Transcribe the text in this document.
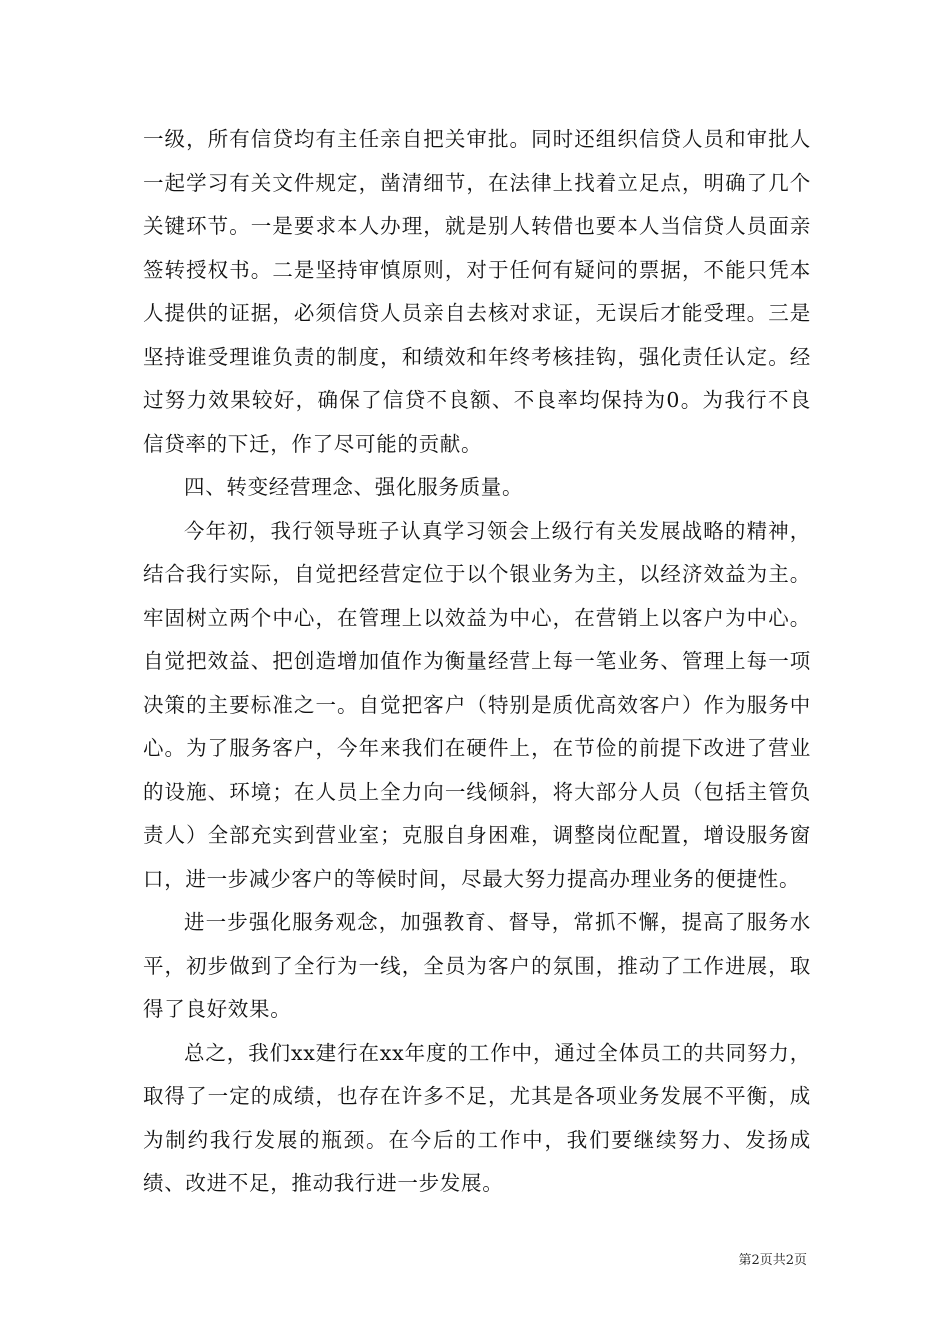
一级，所有信贷均有主任亲自把关审批。同时还组织信贷人员和审批人一起学习有关文件规定，凿清细节，在法律上找着立足点，明确了几个关键环节。一是要求本人办理，就是别人转借也要本人当信贷人员面亲签转授权书。二是坚持审慎原则，对于任何有疑问的票据，不能只凭本人提供的证据，必须信贷人员亲自去核对求证，无误后才能受理。三是坚持谁受理谁负责的制度，和绩效和年终考核挂钩，强化责任认定。经过努力效果较好，确保了信贷不良额、不良率均保持为0。为我行不良信贷率的下迁，作了尽可能的贡献。

四、转变经营理念、强化服务质量。

今年初，我行领导班子认真学习领会上级行有关发展战略的精神，结合我行实际，自觉把经营定位于以个银业务为主，以经济效益为主。牢固树立两个中心，在管理上以效益为中心，在营销上以客户为中心。自觉把效益、把创造增加值作为衡量经营上每一笔业务、管理上每一项决策的主要标准之一。自觉把客户（特别是质优高效客户）作为服务中心。为了服务客户，今年来我们在硬件上，在节俭的前提下改进了营业的设施、环境；在人员上全力向一线倾斜，将大部分人员（包括主管负责人）全部充实到营业室；克服自身困难，调整岗位配置，增设服务窗口，进一步减少客户的等候时间，尽最大努力提高办理业务的便捷性。

进一步强化服务观念，加强教育、督导，常抓不懈，提高了服务水平，初步做到了全行为一线，全员为客户的氛围，推动了工作进展，取得了良好效果。

总之，我们xx建行在xx年度的工作中，通过全体员工的共同努力，取得了一定的成绩，也存在许多不足，尤其是各项业务发展不平衡，成为制约我行发展的瓶颈。在今后的工作中，我们要继续努力、发扬成绩、改进不足，推动我行进一步发展。

第2页共2页
